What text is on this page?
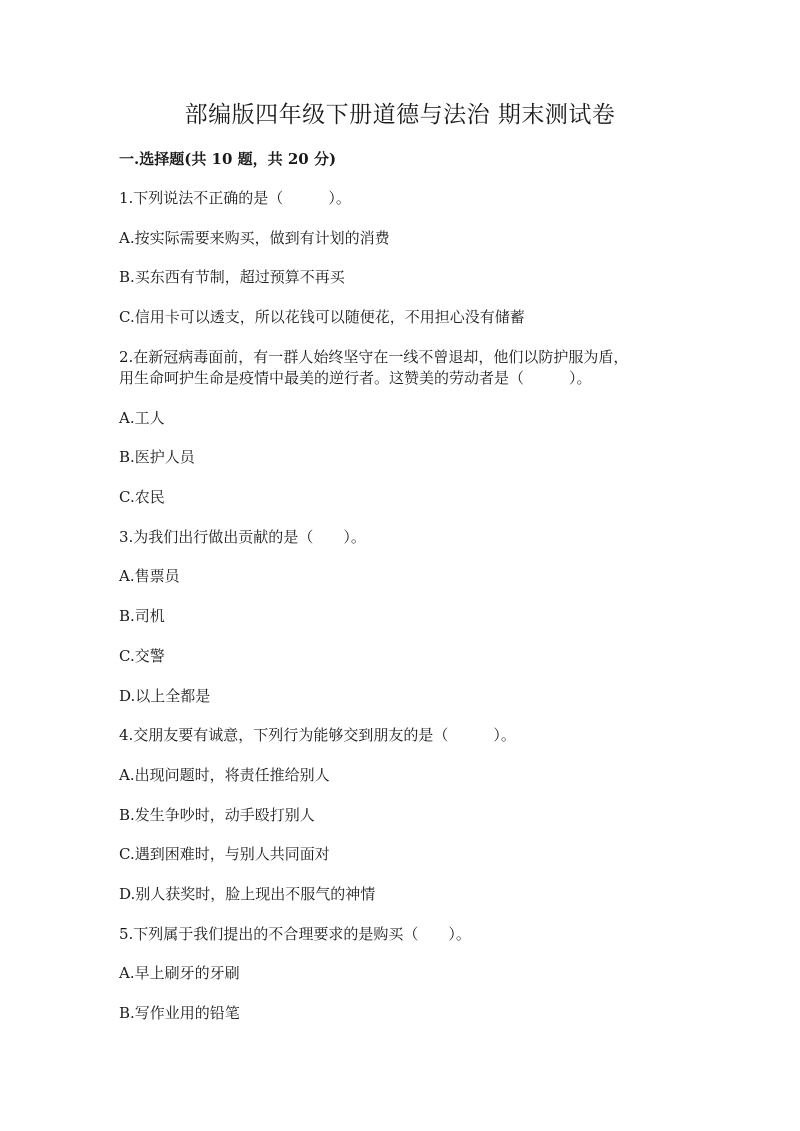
部编版四年级下册道德与法治 期末测试卷
一.选择题(共 10 题，共 20 分)
1.下列说法不正确的是（　　　）。
A.按实际需要来购买，做到有计划的消费
B.买东西有节制，超过预算不再买
C.信用卡可以透支，所以花钱可以随便花，不用担心没有储蓄
2.在新冠病毒面前，有一群人始终坚守在一线不曾退却，他们以防护服为盾，
用生命呵护生命是疫情中最美的逆行者。这赞美的劳动者是（　　　）。
A.工人
B.医护人员
C.农民
3.为我们出行做出贡献的是（　　）。
A.售票员
B.司机
C.交警
D.以上全都是
4.交朋友要有诚意，下列行为能够交到朋友的是（　　　）。
A.出现问题时，将责任推给别人
B.发生争吵时，动手殴打别人
C.遇到困难时，与别人共同面对
D.别人获奖时，脸上现出不服气的神情
5.下列属于我们提出的不合理要求的是购买（　　）。
A.早上刷牙的牙刷
B.写作业用的铅笔
